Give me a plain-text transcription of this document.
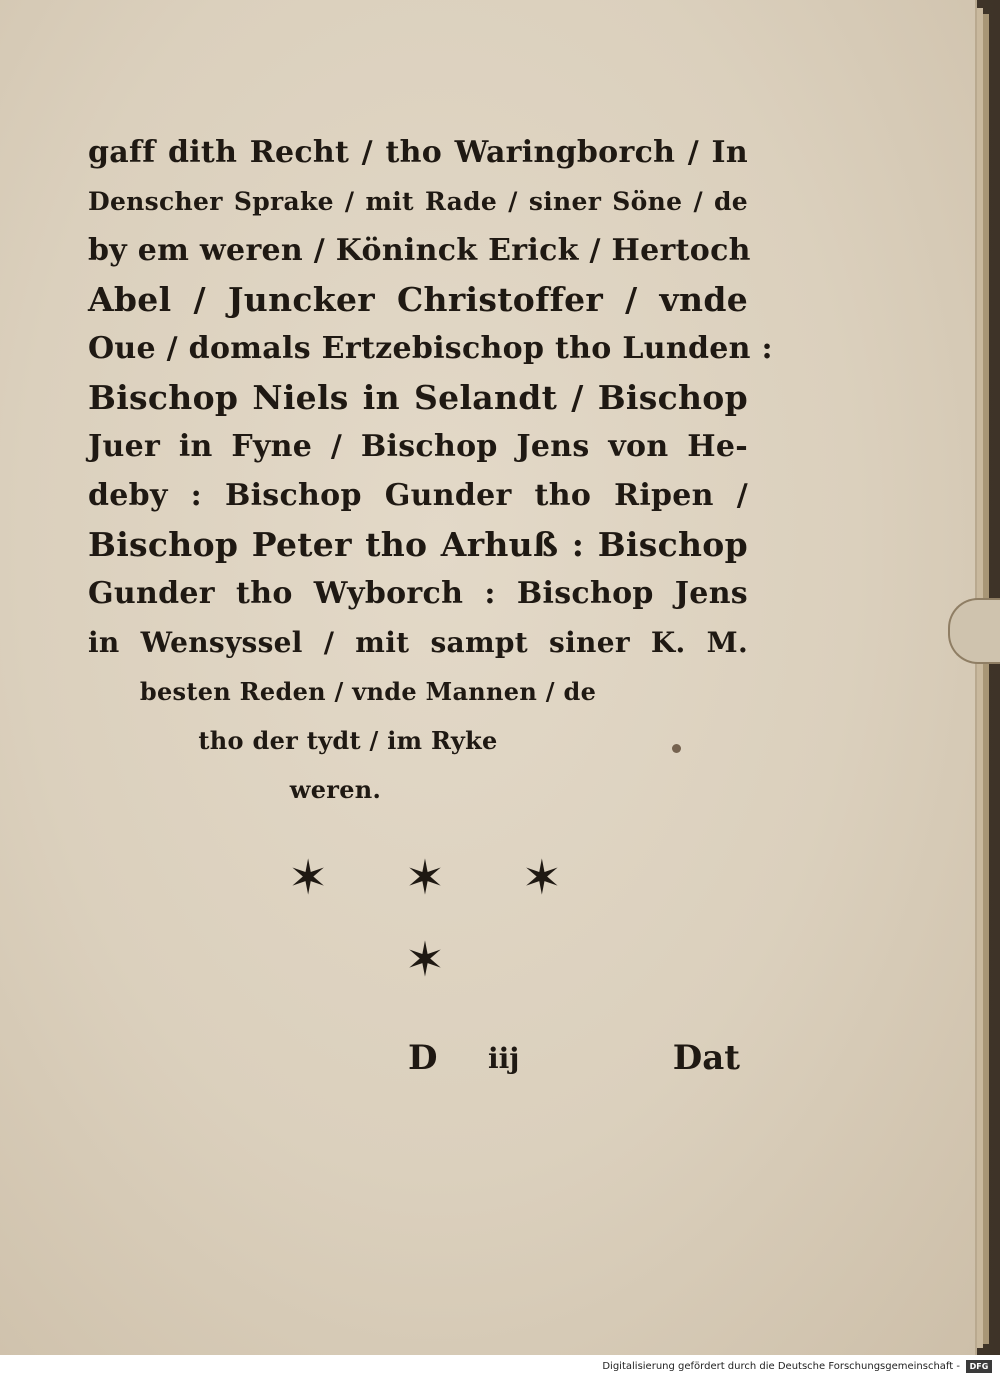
gaff dith Recht / tho Waringborch / In
Denscher Sprake / mit Rade / siner Söne / de
by em weren / Köninck Erick / Hertoch
Abel / Juncker Christoffer / vnde
Oue / domals Ertzebischop tho Lunden :
Bischop Niels in Selandt / Bischop
Juer in Fyne / Bischop Jens von He-
deby : Bischop Gunder tho Ripen /
Bischop Peter tho Arhuß : Bischop
Gunder tho Wyborch : Bischop Jens
in Wensyssel / mit sampt siner K. M.
besten Reden / vnde Mannen / de
tho der tydt / im Ryke
weren.
✶ ✶ ✶
✶
D iij	Dat
Digitalisierung gefördert durch die Deutsche Forschungsgemeinschaft -	DFG
